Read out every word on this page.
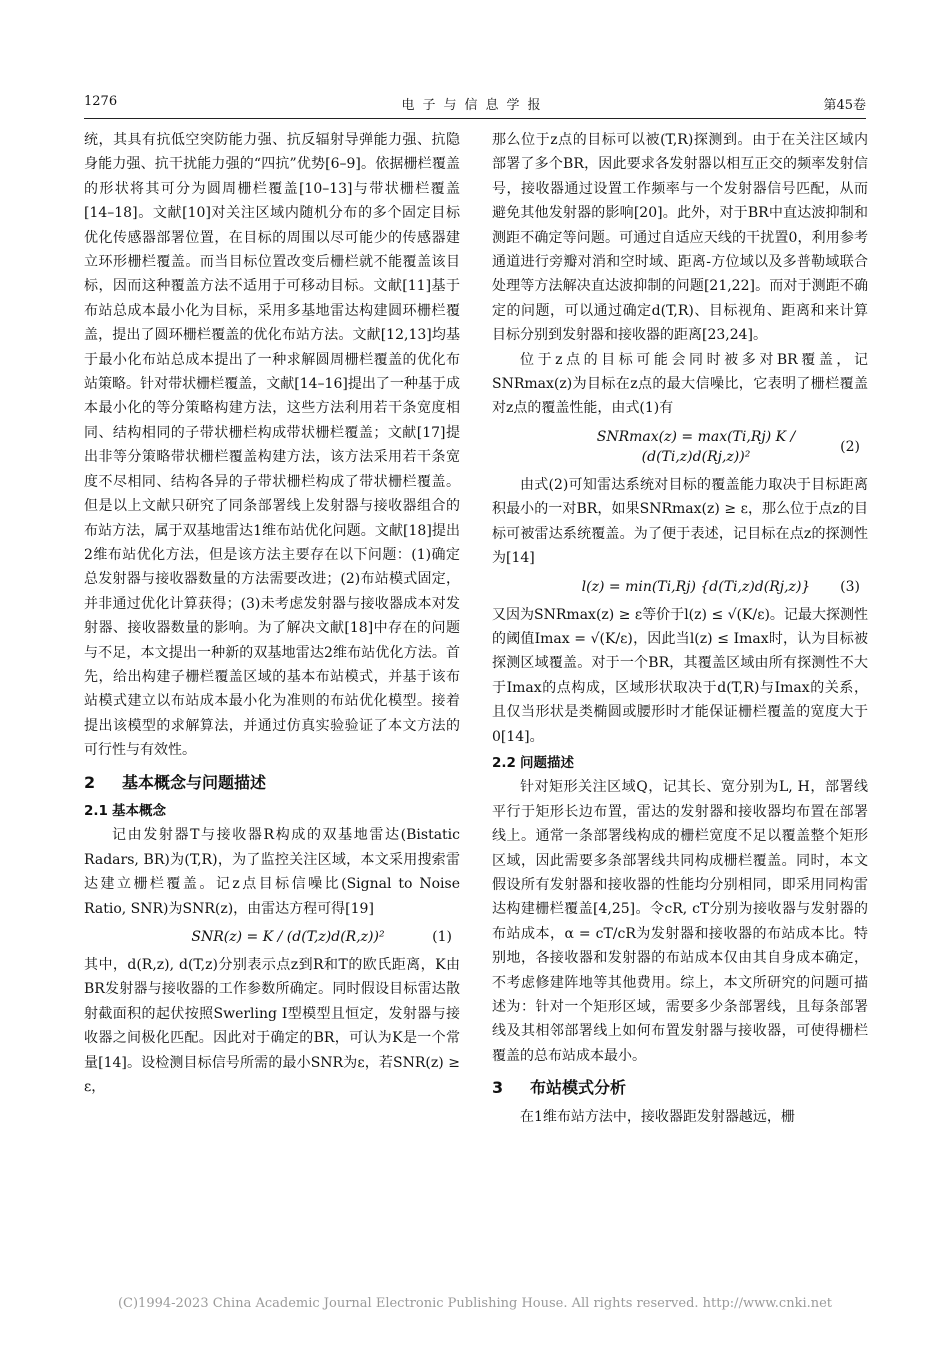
1276	电子与信息学报	第45卷

统，其具有抗低空突防能力强、抗反辐射导弹能力强、抗隐身能力强、抗干扰能力强的“四抗”优势[6–9]。依据栅栏覆盖的形状将其可分为圆周栅栏覆盖[10–13]与带状栅栏覆盖[14–18]。文献[10]对关注区域内随机分布的多个固定目标优化传感器部署位置，在目标的周围以尽可能少的传感器建立环形栅栏覆盖。而当目标位置改变后栅栏就不能覆盖该目标，因而这种覆盖方法不适用于可移动目标。文献[11]基于布站总成本最小化为目标，采用多基地雷达构建圆环栅栏覆盖，提出了圆环栅栏覆盖的优化布站方法。文献[12,13]均基于最小化布站总成本提出了一种求解圆周栅栏覆盖的优化布站策略。针对带状栅栏覆盖，文献[14–16]提出了一种基于成本最小化的等分策略构建方法，这些方法利用若干条宽度相同、结构相同的子带状栅栏构成带状栅栏覆盖；文献[17]提出非等分策略带状栅栏覆盖构建方法，该方法采用若干条宽度不尽相同、结构各异的子带状栅栏构成了带状栅栏覆盖。但是以上文献只研究了同条部署线上发射器与接收器组合的布站方法，属于双基地雷达1维布站优化问题。文献[18]提出2维布站优化方法，但是该方法主要存在以下问题：(1)确定总发射器与接收器数量的方法需要改进；(2)布站模式固定，并非通过优化计算获得；(3)未考虑发射器与接收器成本对发射器、接收器数量的影响。为了解决文献[18]中存在的问题与不足，本文提出一种新的双基地雷达2维布站优化方法。首先，给出构建子栅栏覆盖区域的基本布站模式，并基于该布站模式建立以布站成本最小化为准则的布站优化模型。接着提出该模型的求解算法，并通过仿真实验验证了本文方法的可行性与有效性。

2 基本概念与问题描述
2.1 基本概念

记由发射器T与接收器R构成的双基地雷达(Bistatic Radars, BR)为(T,R)，为了监控关注区域，本文采用搜索雷达建立栅栏覆盖。记z点目标信噪比(Signal to Noise Ratio, SNR)为SNR(z)，由雷达方程可得[19]

SNR(z) = K / (d(T,z)d(R,z))²	(1)

其中，d(R,z), d(T,z)分别表示点z到R和T的欧氏距离，K由BR发射器与接收器的工作参数所确定。同时假设目标雷达散射截面积的起伏按照Swerling I型模型且恒定，发射器与接收器之间极化匹配。因此对于确定的BR，可认为K是一个常量[14]。设检测目标信号所需的最小SNR为ε，若SNR(z) ≥ ε，

那么位于z点的目标可以被(T,R)探测到。由于在关注区域内部署了多个BR，因此要求各发射器以相互正交的频率发射信号，接收器通过设置工作频率与一个发射器信号匹配，从而避免其他发射器的影响[20]。此外，对于BR中直达波抑制和测距不确定等问题。可通过自适应天线的干扰置0，利用参考通道进行旁瓣对消和空时域、距离-方位域以及多普勒域联合处理等方法解决直达波抑制的问题[21,22]。而对于测距不确定的问题，可以通过确定d(T,R)、目标视角、距离和来计算目标分别到发射器和接收器的距离[23,24]。

位于z点的目标可能会同时被多对BR覆盖，记SNRmax(z)为目标在z点的最大信噪比，它表明了栅栏覆盖对z点的覆盖性能，由式(1)有

SNRmax(z) = max(Ti,Rj) K / (d(Ti,z)d(Rj,z))²
(2)

由式(2)可知雷达系统对目标的覆盖能力取决于目标距离积最小的一对BR，如果SNRmax(z) ≥ ε，那么位于点z的目标可被雷达系统覆盖。为了便于表述，记目标在点z的探测性为[14]

l(z) = min(Ti,Rj) {d(Ti,z)d(Rj,z)}	(3)

又因为SNRmax(z) ≥ ε等价于l(z) ≤ √(K/ε)。记最大探测性的阈值Imax = √(K/ε)，因此当l(z) ≤ Imax时，认为目标被探测区域覆盖。对于一个BR，其覆盖区域由所有探测性不大于Imax的点构成，区域形状取决于d(T,R)与Imax的关系，且仅当形状是类椭圆或腰形时才能保证栅栏覆盖的宽度大于0[14]。

2.2 问题描述

针对矩形关注区域Q，记其长、宽分别为L, H，部署线平行于矩形长边布置，雷达的发射器和接收器均布置在部署线上。通常一条部署线构成的栅栏宽度不足以覆盖整个矩形区域，因此需要多条部署线共同构成栅栏覆盖。同时，本文假设所有发射器和接收器的性能均分别相同，即采用同构雷达构建栅栏覆盖[4,25]。令cR, cT分别为接收器与发射器的布站成本，α = cT/cR为发射器和接收器的布站成本比。特别地，各接收器和发射器的布站成本仅由其自身成本确定，不考虑修建阵地等其他费用。综上，本文所研究的问题可描述为：针对一个矩形区域，需要多少条部署线，且每条部署线及其相邻部署线上如何布置发射器与接收器，可使得栅栏覆盖的总布站成本最小。

3 布站模式分析

在1维布站方法中，接收器距发射器越远，栅

(C)1994-2023 China Academic Journal Electronic Publishing House. All rights reserved. http://www.cnki.net
